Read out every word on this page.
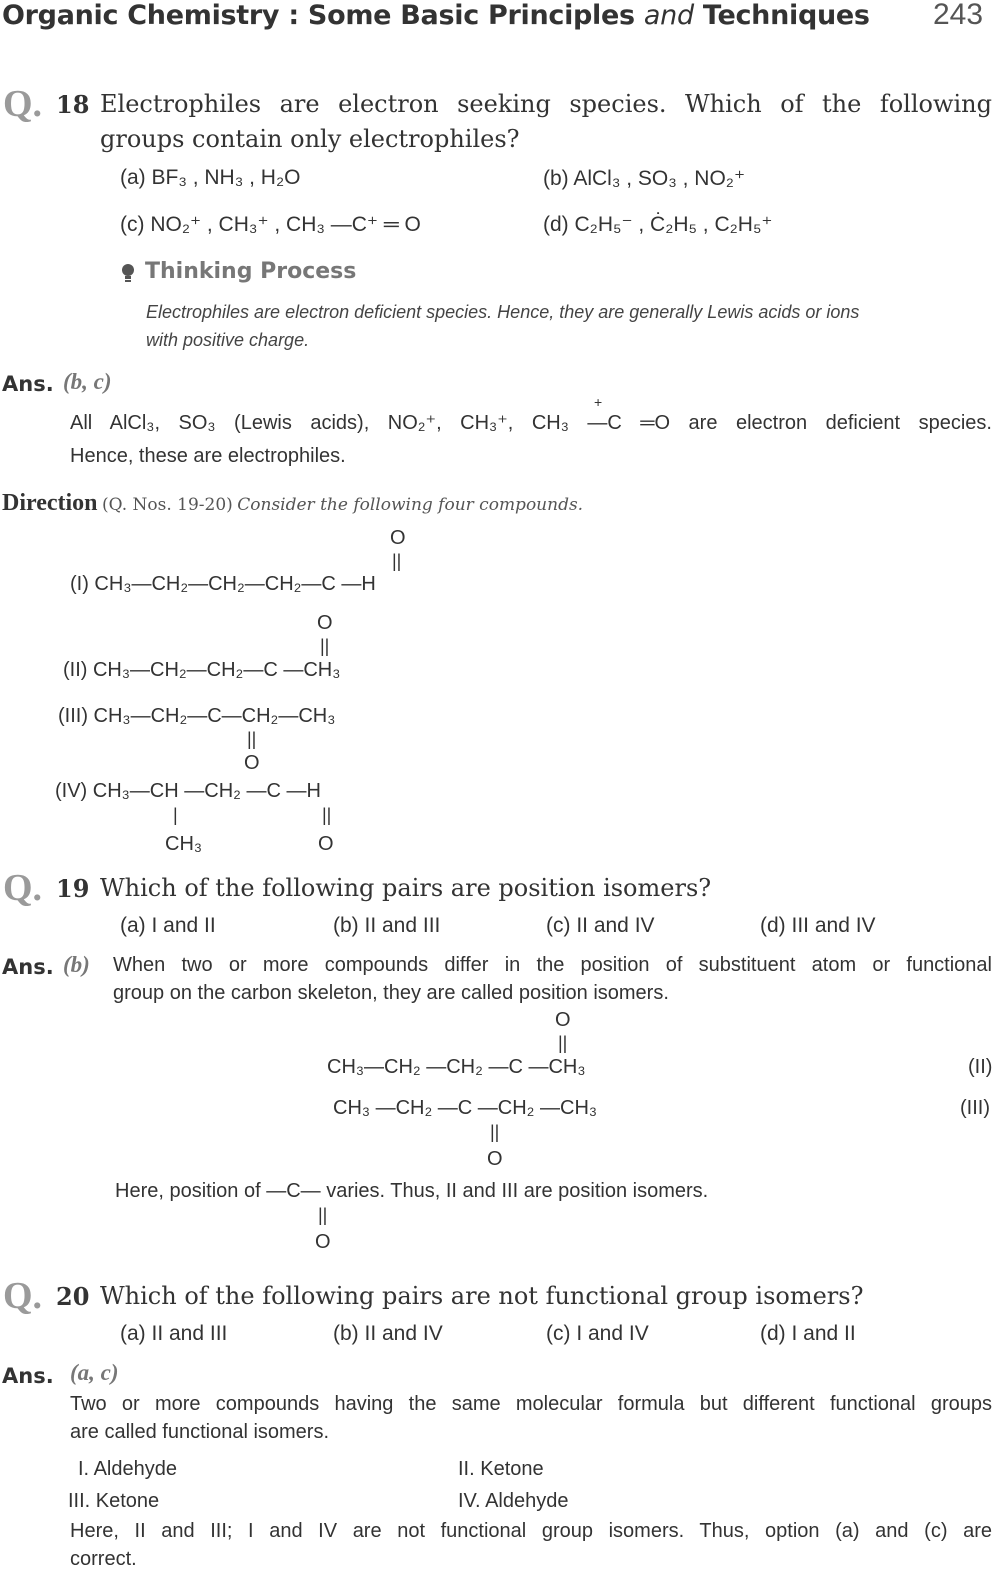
Organic Chemistry : Some Basic Principles and Techniques 243
Q. 18 Electrophiles are electron seeking species. Which of the following
groups contain only electrophiles?
(a) BF₃ , NH₃ , H₂O	(b) AlCl₃ , SO₃ , NO₂⁺
(c) NO₂⁺ , CH₃⁺ , CH₃ —C⁺ ═ O	(d) C₂H₅⁻ , Ċ₂H₅ , C₂H₅⁺
Thinking Process
Electrophiles are electron deficient species. Hence, they are generally Lewis acids or ions
with positive charge.
Ans. (b, c)
+
All AlCl₃, SO₃ (Lewis acids), NO₂⁺, CH₃⁺, CH₃ —C ═O are electron deficient species.
Hence, these are electrophiles.
Direction (Q. Nos. 19-20) Consider the following four compounds.
O
||
(I) CH₃—CH₂—CH₂—CH₂—C —H
O
||
(II) CH₃—CH₂—CH₂—C —CH₃
(III) CH₃—CH₂—C—CH₂—CH₃
||
O
(IV) CH₃—CH —CH₂ —C —H
|	||
CH₃	O
Q. 19 Which of the following pairs are position isomers?
(a) I and II	(b) II and III	(c) II and IV	(d) III and IV
Ans. (b) When two or more compounds differ in the position of substituent atom or functional
group on the carbon skeleton, they are called position isomers.
O
||
CH₃—CH₂ —CH₂ —C —CH₃	(II)
CH₃ —CH₂ —C —CH₂ —CH₃	(III)
||
O
Here, position of —C— varies. Thus, II and III are position isomers.
||
O
Q. 20 Which of the following pairs are not functional group isomers?
(a) II and III	(b) II and IV	(c) I and IV	(d) I and II
Ans. (a, c)
Two or more compounds having the same molecular formula but different functional groups
are called functional isomers.
I. Aldehyde	II. Ketone
III. Ketone	IV. Aldehyde
Here, II and III; I and IV are not functional group isomers. Thus, option (a) and (c) are
correct.
